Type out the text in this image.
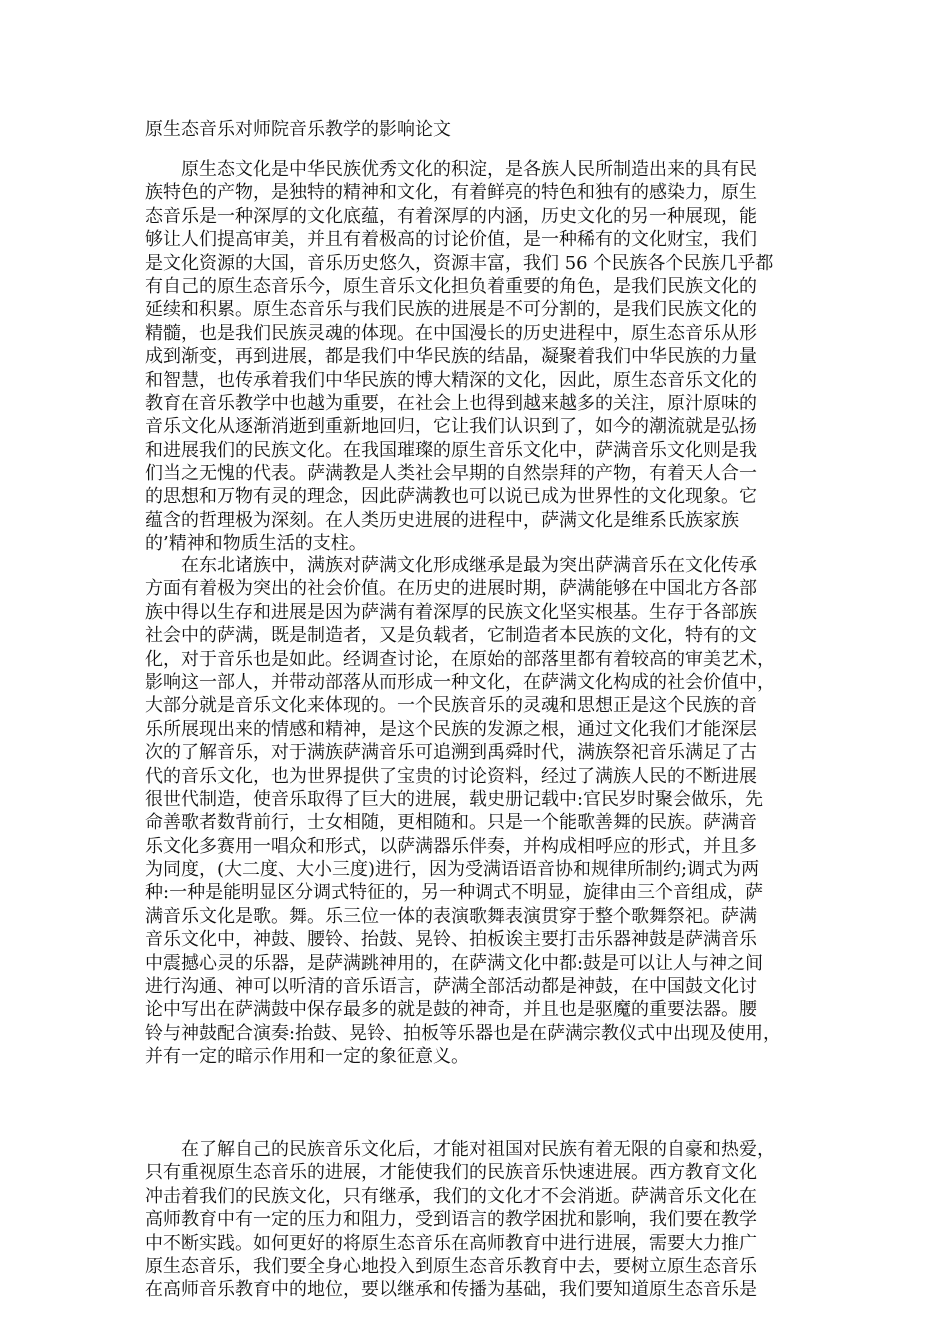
原生态音乐对师院音乐教学的影响论文
　　原生态文化是中华民族优秀文化的积淀，是各族人民所制造出来的具有民
族特色的产物，是独特的精神和文化，有着鲜亮的特色和独有的感染力，原生
态音乐是一种深厚的文化底蕴，有着深厚的内涵，历史文化的另一种展现，能
够让人们提高审美，并且有着极高的讨论价值，是一种稀有的文化财宝，我们
是文化资源的大国，音乐历史悠久，资源丰富，我们 56 个民族各个民族几乎都
有自己的原生态音乐今，原生音乐文化担负着重要的角色，是我们民族文化的
延续和积累。原生态音乐与我们民族的进展是不可分割的，是我们民族文化的
精髓，也是我们民族灵魂的体现。在中国漫长的历史进程中，原生态音乐从形
成到渐变，再到进展，都是我们中华民族的结晶，凝聚着我们中华民族的力量
和智慧，也传承着我们中华民族的博大精深的文化，因此，原生态音乐文化的
教育在音乐教学中也越为重要，在社会上也得到越来越多的关注，原汁原味的
音乐文化从逐渐消逝到重新地回归，它让我们认识到了，如今的潮流就是弘扬
和进展我们的民族文化。在我国璀璨的原生音乐文化中，萨满音乐文化则是我
们当之无愧的代表。萨满教是人类社会早期的自然崇拜的产物，有着天人合一
的思想和万物有灵的理念，因此萨满教也可以说已成为世界性的文化现象。它
蕴含的哲理极为深刻。在人类历史进展的进程中，萨满文化是维系氏族家族
的’精神和物质生活的支柱。
　　在东北诸族中，满族对萨满文化形成继承是最为突出萨满音乐在文化传承
方面有着极为突出的社会价值。在历史的进展时期，萨满能够在中国北方各部
族中得以生存和进展是因为萨满有着深厚的民族文化坚实根基。生存于各部族
社会中的萨满，既是制造者，又是负载者，它制造者本民族的文化，特有的文
化，对于音乐也是如此。经调查讨论，在原始的部落里都有着较高的审美艺术，
影响这一部人，并带动部落从而形成一种文化，在萨满文化构成的社会价值中，
大部分就是音乐文化来体现的。一个民族音乐的灵魂和思想正是这个民族的音
乐所展现出来的情感和精神，是这个民族的发源之根，通过文化我们才能深层
次的了解音乐，对于满族萨满音乐可追溯到禹舜时代，满族祭祀音乐满足了古
代的音乐文化，也为世界提供了宝贵的讨论资料，经过了满族人民的不断进展
很世代制造，使音乐取得了巨大的进展，载史册记载中:官民岁时聚会做乐，先
命善歌者数背前行，士女相随，更相随和。只是一个能歌善舞的民族。萨满音
乐文化多赛用一唱众和形式，以萨满器乐伴奏，并构成相呼应的形式，并且多
为同度，(大二度、大小三度)进行，因为受满语语音协和规律所制约;调式为两
种:一种是能明显区分调式特征的，另一种调式不明显，旋律由三个音组成，萨
满音乐文化是歌。舞。乐三位一体的表演歌舞表演贯穿于整个歌舞祭祀。萨满
音乐文化中，神鼓、腰铃、抬鼓、晃铃、拍板诶主要打击乐器神鼓是萨满音乐
中震撼心灵的乐器，是萨满跳神用的，在萨满文化中都:鼓是可以让人与神之间
进行沟通、神可以听清的音乐语言，萨满全部活动都是神鼓，在中国鼓文化讨
论中写出在萨满鼓中保存最多的就是鼓的神奇，并且也是驱魔的重要法器。腰
铃与神鼓配合演奏:抬鼓、晃铃、拍板等乐器也是在萨满宗教仪式中出现及使用，
并有一定的暗示作用和一定的象征意义。
　　在了解自己的民族音乐文化后，才能对祖国对民族有着无限的自豪和热爱，
只有重视原生态音乐的进展，才能使我们的民族音乐快速进展。西方教育文化
冲击着我们的民族文化，只有继承，我们的文化才不会消逝。萨满音乐文化在
高师教育中有一定的压力和阻力，受到语言的教学困扰和影响，我们要在教学
中不断实践。如何更好的将原生态音乐在高师教育中进行进展，需要大力推广
原生态音乐，我们要全身心地投入到原生态音乐教育中去，要树立原生态音乐
在高师音乐教育中的地位，要以继承和传播为基础，我们要知道原生态音乐是
